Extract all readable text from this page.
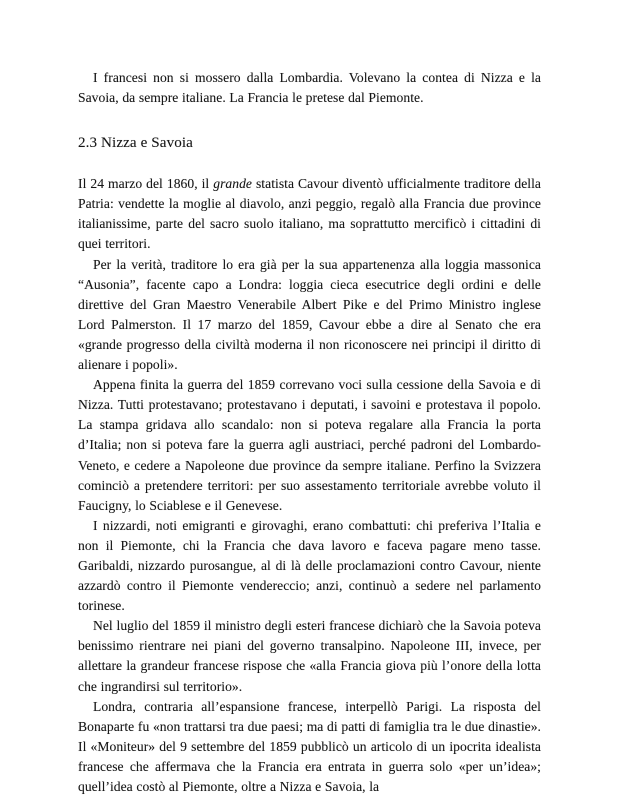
I francesi non si mossero dalla Lombardia. Volevano la contea di Nizza e la Savoia, da sempre italiane. La Francia le pretese dal Piemonte.

2.3 Nizza e Savoia

Il 24 marzo del 1860, il grande statista Cavour diventò ufficialmente traditore della Patria: vendette la moglie al diavolo, anzi peggio, regalò alla Francia due province italianissime, parte del sacro suolo italiano, ma soprattutto mercificò i cittadini di quei territori.

Per la verità, traditore lo era già per la sua appartenenza alla loggia massonica “Ausonia”, facente capo a Londra: loggia cieca esecutrice degli ordini e delle direttive del Gran Maestro Venerabile Albert Pike e del Primo Ministro inglese Lord Palmerston. Il 17 marzo del 1859, Cavour ebbe a dire al Senato che era «grande progresso della civiltà moderna il non riconoscere nei principi il diritto di alienare i popoli».

Appena finita la guerra del 1859 correvano voci sulla cessione della Savoia e di Nizza. Tutti protestavano; protestavano i deputati, i savoini e protestava il popolo. La stampa gridava allo scandalo: non si poteva regalare alla Francia la porta d’Italia; non si poteva fare la guerra agli austriaci, perché padroni del Lombardo-Veneto, e cedere a Napoleone due province da sempre italiane. Perfino la Svizzera cominciò a pretendere territori: per suo assestamento territoriale avrebbe voluto il Faucigny, lo Sciablese e il Genevese.

I nizzardi, noti emigranti e girovaghi, erano combattuti: chi preferiva l’Italia e non il Piemonte, chi la Francia che dava lavoro e faceva pagare meno tasse. Garibaldi, nizzardo purosangue, al di là delle proclamazioni contro Cavour, niente azzardò contro il Piemonte vendereccio; anzi, continuò a sedere nel parlamento torinese.

Nel luglio del 1859 il ministro degli esteri francese dichiarò che la Savoia poteva benissimo rientrare nei piani del governo transalpino. Napoleone III, invece, per allettare la grandeur francese rispose che «alla Francia giova più l’onore della lotta che ingrandirsi sul territorio».

Londra, contraria all’espansione francese, interpellò Parigi. La risposta del Bonaparte fu «non trattarsi tra due paesi; ma di patti di famiglia tra le due dinastie». Il «Moniteur» del 9 settembre del 1859 pubblicò un articolo di un ipocrita idealista francese che affermava che la Francia era entrata in guerra solo «per un’idea»; quell’idea costò al Piemonte, oltre a Nizza e Savoia, la
